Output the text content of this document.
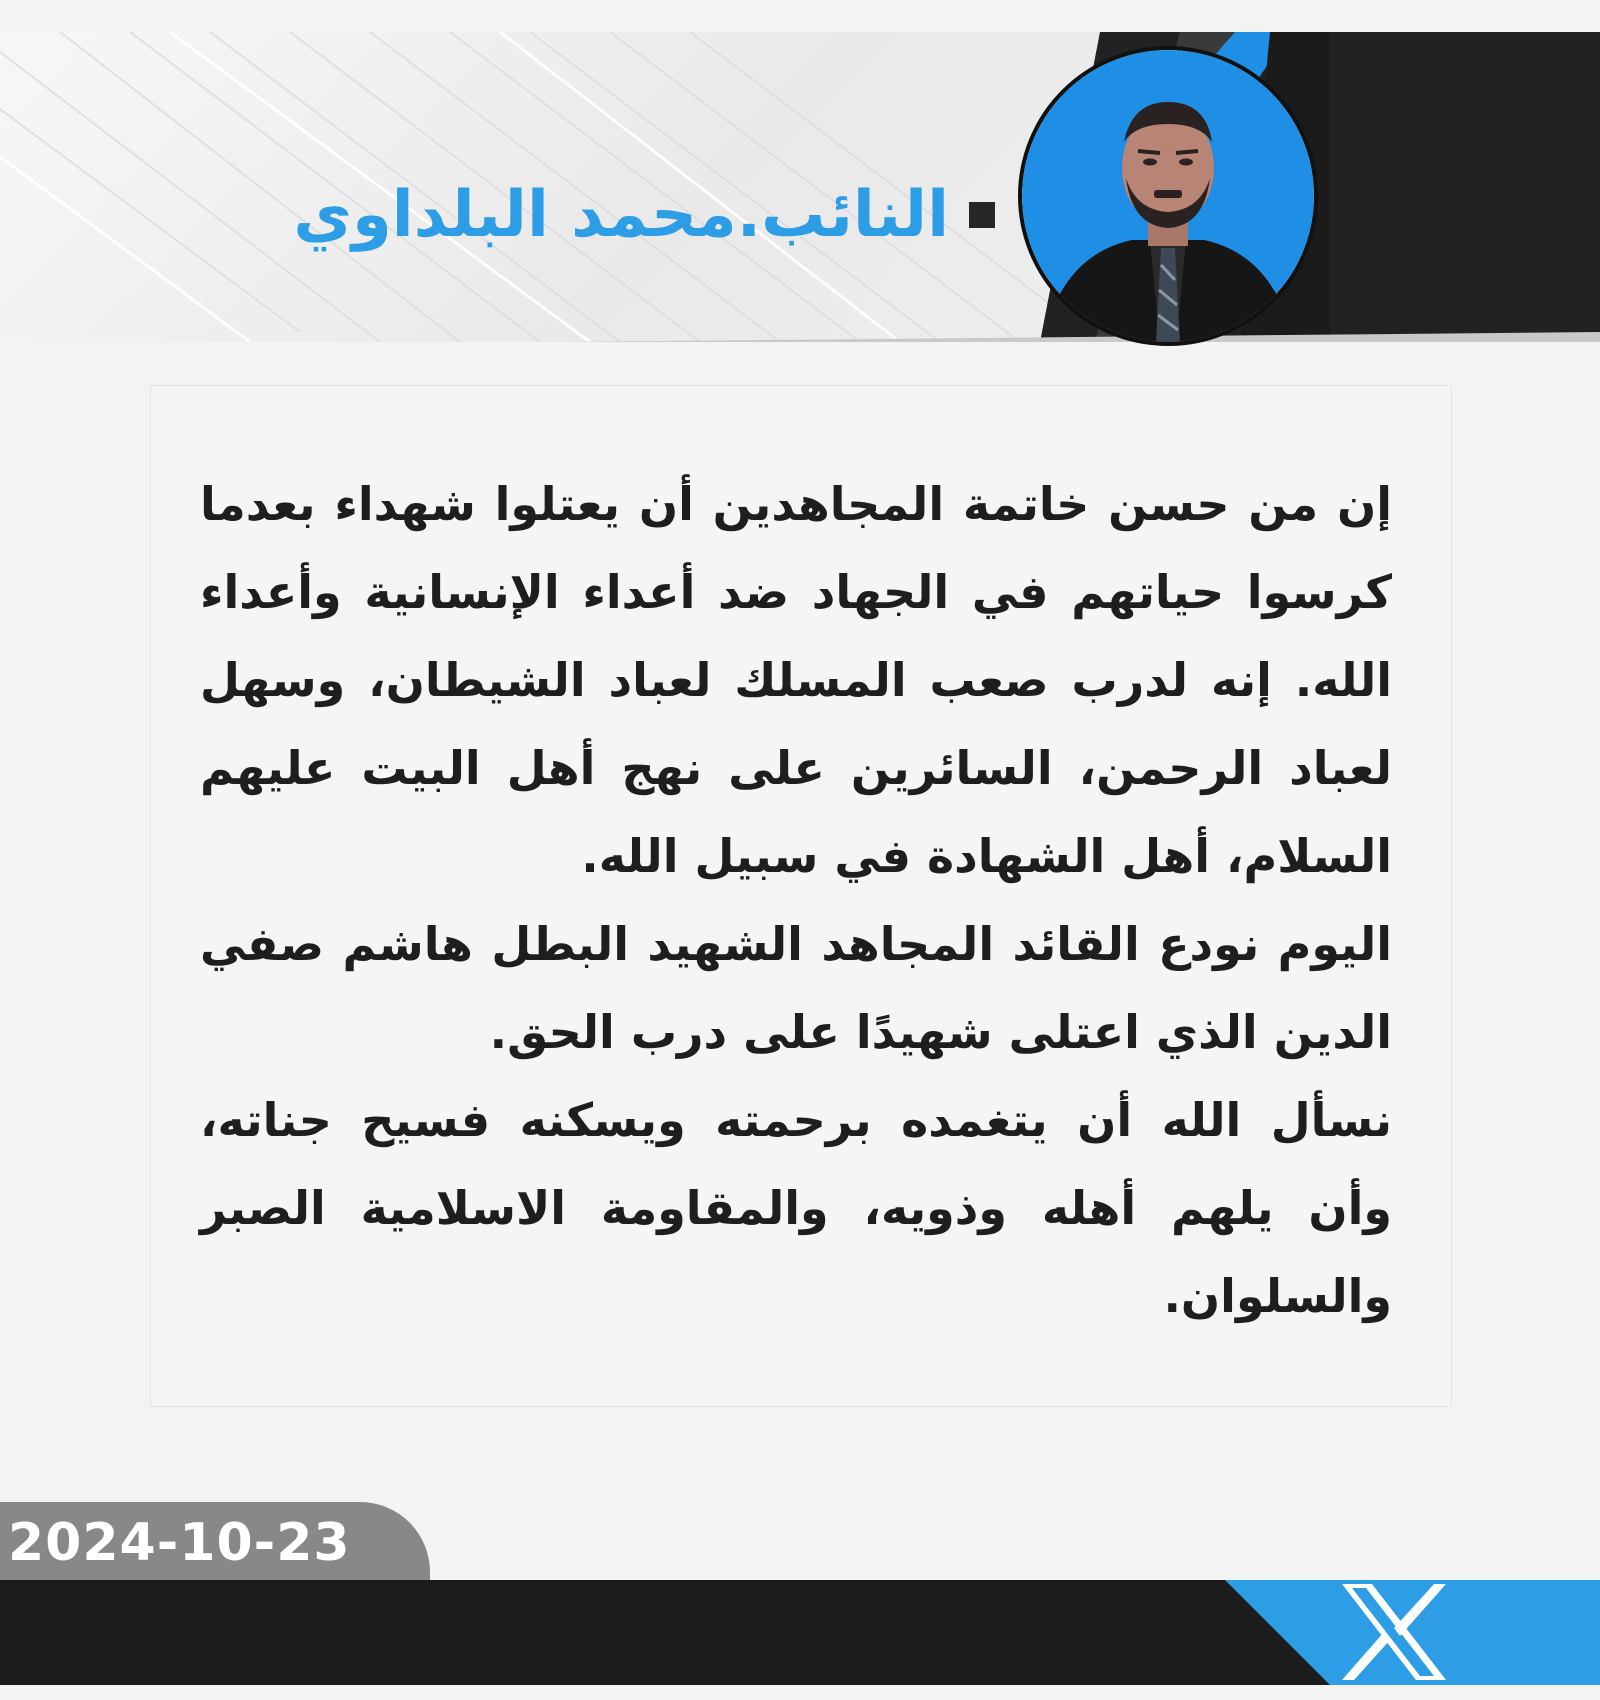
النائب.محمد البلداوي

إن من حسن خاتمة المجاهدين أن يعتلوا شهداء بعدما كرسوا حياتهم في الجهاد ضد أعداء الإنسانية وأعداء الله. إنه لدرب صعب المسلك لعباد الشيطان، وسهل لعباد الرحمن، السائرين على نهج أهل البيت عليهم السلام، أهل الشهادة في سبيل الله.

اليوم نودع القائد المجاهد الشهيد البطل هاشم صفي الدين الذي اعتلى شهيدًا على درب الحق.

نسأل الله أن يتغمده برحمته ويسكنه فسيح جناته، وأن يلهم أهله وذويه، والمقاومة الاسلامية الصبر والسلوان.

2024-10-23
